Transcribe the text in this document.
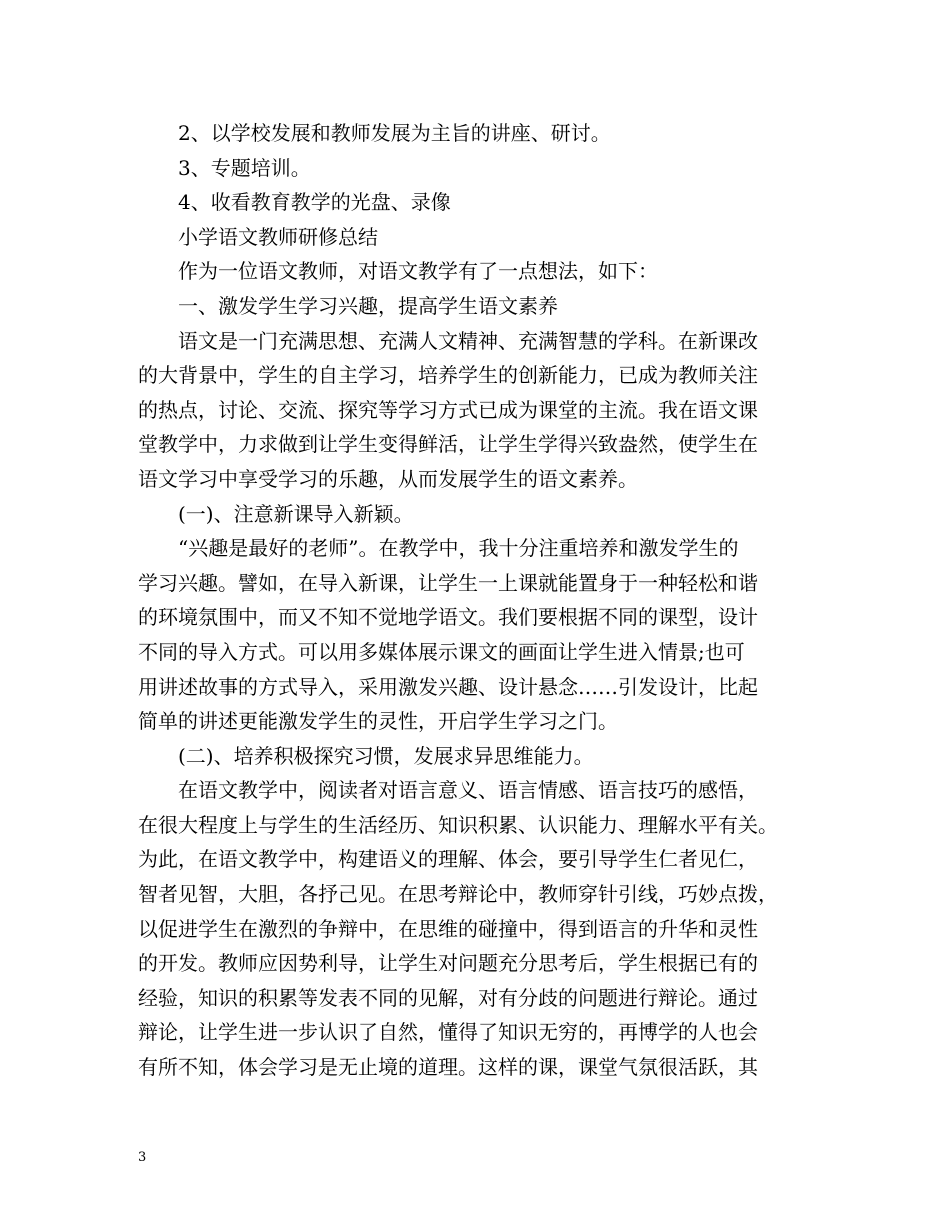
2、以学校发展和教师发展为主旨的讲座、研讨。
3、专题培训。
4、收看教育教学的光盘、录像
小学语文教师研修总结
作为一位语文教师，对语文教学有了一点想法，如下：
一、激发学生学习兴趣，提高学生语文素养
语文是一门充满思想、充满人文精神、充满智慧的学科。在新课改
的大背景中，学生的自主学习，培养学生的创新能力，已成为教师关注
的热点，讨论、交流、探究等学习方式已成为课堂的主流。我在语文课
堂教学中，力求做到让学生变得鲜活，让学生学得兴致盎然，使学生在
语文学习中享受学习的乐趣，从而发展学生的语文素养。
(一)、注意新课导入新颖。
“兴趣是最好的老师”。在教学中，我十分注重培养和激发学生的
学习兴趣。譬如，在导入新课，让学生一上课就能置身于一种轻松和谐
的环境氛围中，而又不知不觉地学语文。我们要根据不同的课型，设计
不同的导入方式。可以用多媒体展示课文的画面让学生进入情景;也可
用讲述故事的方式导入，采用激发兴趣、设计悬念……引发设计，比起
简单的讲述更能激发学生的灵性，开启学生学习之门。
(二)、培养积极探究习惯，发展求异思维能力。
在语文教学中，阅读者对语言意义、语言情感、语言技巧的感悟，
在很大程度上与学生的生活经历、知识积累、认识能力、理解水平有关。
为此，在语文教学中，构建语义的理解、体会，要引导学生仁者见仁，
智者见智，大胆，各抒己见。在思考辩论中，教师穿针引线，巧妙点拨，
以促进学生在激烈的争辩中，在思维的碰撞中，得到语言的升华和灵性
的开发。教师应因势利导，让学生对问题充分思考后，学生根据已有的
经验，知识的积累等发表不同的见解，对有分歧的问题进行辩论。通过
辩论，让学生进一步认识了自然，懂得了知识无穷的，再博学的人也会
有所不知，体会学习是无止境的道理。这样的课，课堂气氛很活跃，其
3
